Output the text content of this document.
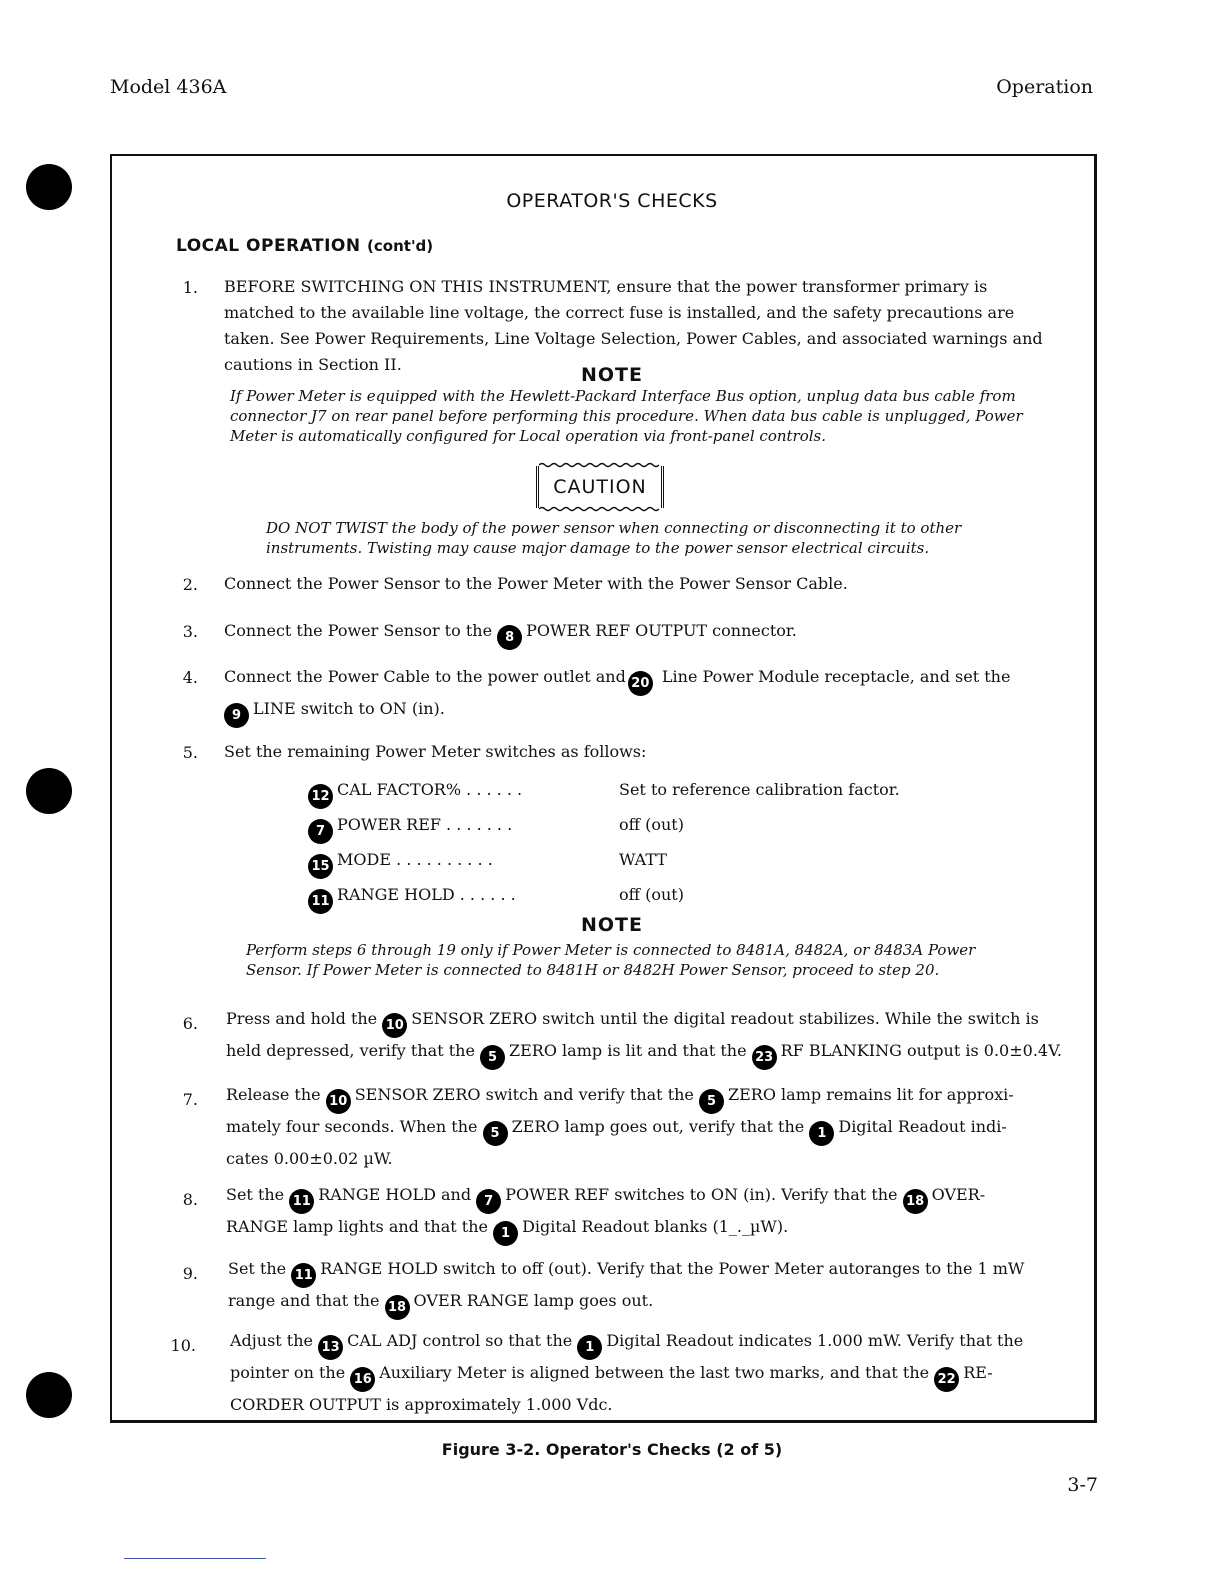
Model 436A	Operation
OPERATOR'S CHECKS
LOCAL OPERATION (cont'd)
1. BEFORE SWITCHING ON THIS INSTRUMENT, ensure that the power transformer primary is matched to the available line voltage, the correct fuse is installed, and the safety precautions are taken. See Power Requirements, Line Voltage Selection, Power Cables, and associated warnings and cautions in Section II.	NOTE
If Power Meter is equipped with the Hewlett-Packard Interface Bus option, unplug data bus cable from connector J7 on rear panel before performing this procedure. When data bus cable is unplugged, Power Meter is automatically configured for Local operation via front-panel controls.
CAUTION
DO NOT TWIST the body of the power sensor when connecting or disconnecting it to other instruments. Twisting may cause major damage to the power sensor electrical circuits.
2. Connect the Power Sensor to the Power Meter with the Power Sensor Cable.
3. Connect the Power Sensor to the 8 POWER REF OUTPUT connector.
4. Connect the Power Cable to the power outlet and 20 Line Power Module receptacle, and set the 9 LINE switch to ON (in).
5. Set the remaining Power Meter switches as follows:
12 CAL FACTOR% . . . . . .	Set to reference calibration factor.
7 POWER REF . . . . . . .	off (out)
15 MODE . . . . . . . . . .	WATT
11 RANGE HOLD . . . . . .	off (out)
NOTE
Perform steps 6 through 19 only if Power Meter is connected to 8481A, 8482A, or 8483A Power Sensor. If Power Meter is connected to 8481H or 8482H Power Sensor, proceed to step 20.
6. Press and hold the 10 SENSOR ZERO switch until the digital readout stabilizes. While the switch is held depressed, verify that the 5 ZERO lamp is lit and that the 23 RF BLANKING output is 0.0±0.4V.
7. Release the 10 SENSOR ZERO switch and verify that the 5 ZERO lamp remains lit for approxi-mately four seconds. When the 5 ZERO lamp goes out, verify that the 1 Digital Readout indi-cates 0.00±0.02 µW.
8. Set the 11 RANGE HOLD and 7 POWER REF switches to ON (in). Verify that the 18 OVER-RANGE lamp lights and that the 1 Digital Readout blanks (1_._µW).
9. Set the 11 RANGE HOLD switch to off (out). Verify that the Power Meter autoranges to the 1 mW range and that the 18 OVER RANGE lamp goes out.
10. Adjust the 13 CAL ADJ control so that the 1 Digital Readout indicates 1.000 mW. Verify that the pointer on the 16 Auxiliary Meter is aligned between the last two marks, and that the 22 RE-CORDER OUTPUT is approximately 1.000 Vdc.
Figure 3-2. Operator's Checks (2 of 5)
3-7
